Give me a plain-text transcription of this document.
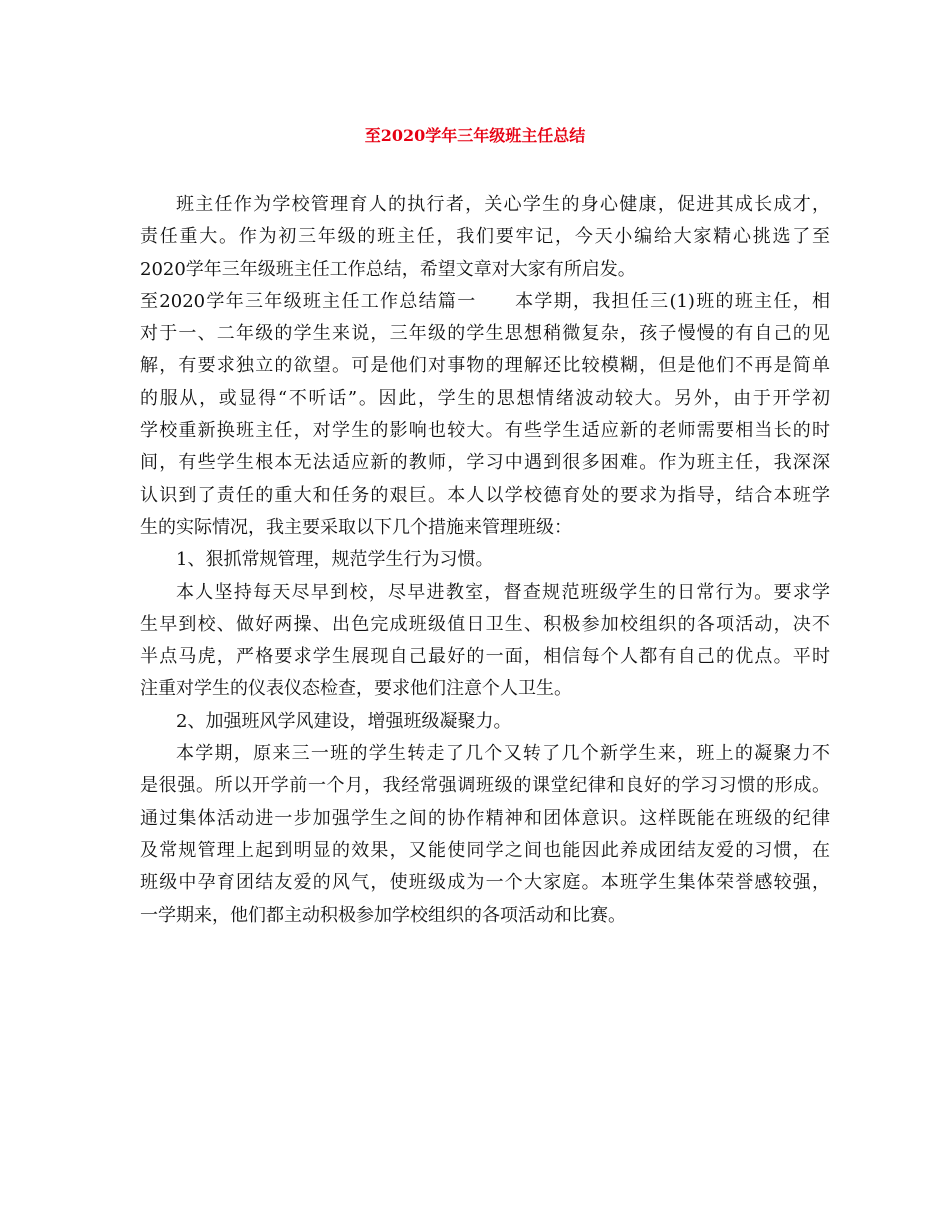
至2020学年三年级班主任总结
班主任作为学校管理育人的执行者，关心学生的身心健康，促进其成长成才，
责任重大。作为初三年级的班主任，我们要牢记，今天小编给大家精心挑选了至
2020学年三年级班主任工作总结，希望文章对大家有所启发。
至2020学年三年级班主任工作总结篇一　　本学期，我担任三(1)班的班主任，相
对于一、二年级的学生来说，三年级的学生思想稍微复杂，孩子慢慢的有自己的见
解，有要求独立的欲望。可是他们对事物的理解还比较模糊，但是他们不再是简单
的服从，或显得“不听话”。因此，学生的思想情绪波动较大。另外，由于开学初
学校重新换班主任，对学生的影响也较大。有些学生适应新的老师需要相当长的时
间，有些学生根本无法适应新的教师，学习中遇到很多困难。作为班主任，我深深
认识到了责任的重大和任务的艰巨。本人以学校德育处的要求为指导，结合本班学
生的实际情况，我主要采取以下几个措施来管理班级：
1、狠抓常规管理，规范学生行为习惯。
本人坚持每天尽早到校，尽早进教室，督查规范班级学生的日常行为。要求学
生早到校、做好两操、出色完成班级值日卫生、积极参加校组织的各项活动，决不
半点马虎，严格要求学生展现自己最好的一面，相信每个人都有自己的优点。平时
注重对学生的仪表仪态检查，要求他们注意个人卫生。
2、加强班风学风建设，增强班级凝聚力。
本学期，原来三一班的学生转走了几个又转了几个新学生来，班上的凝聚力不
是很强。所以开学前一个月，我经常强调班级的课堂纪律和良好的学习习惯的形成。
通过集体活动进一步加强学生之间的协作精神和团体意识。这样既能在班级的纪律
及常规管理上起到明显的效果，又能使同学之间也能因此养成团结友爱的习惯，在
班级中孕育团结友爱的风气，使班级成为一个大家庭。本班学生集体荣誉感较强，
一学期来，他们都主动积极参加学校组织的各项活动和比赛。
